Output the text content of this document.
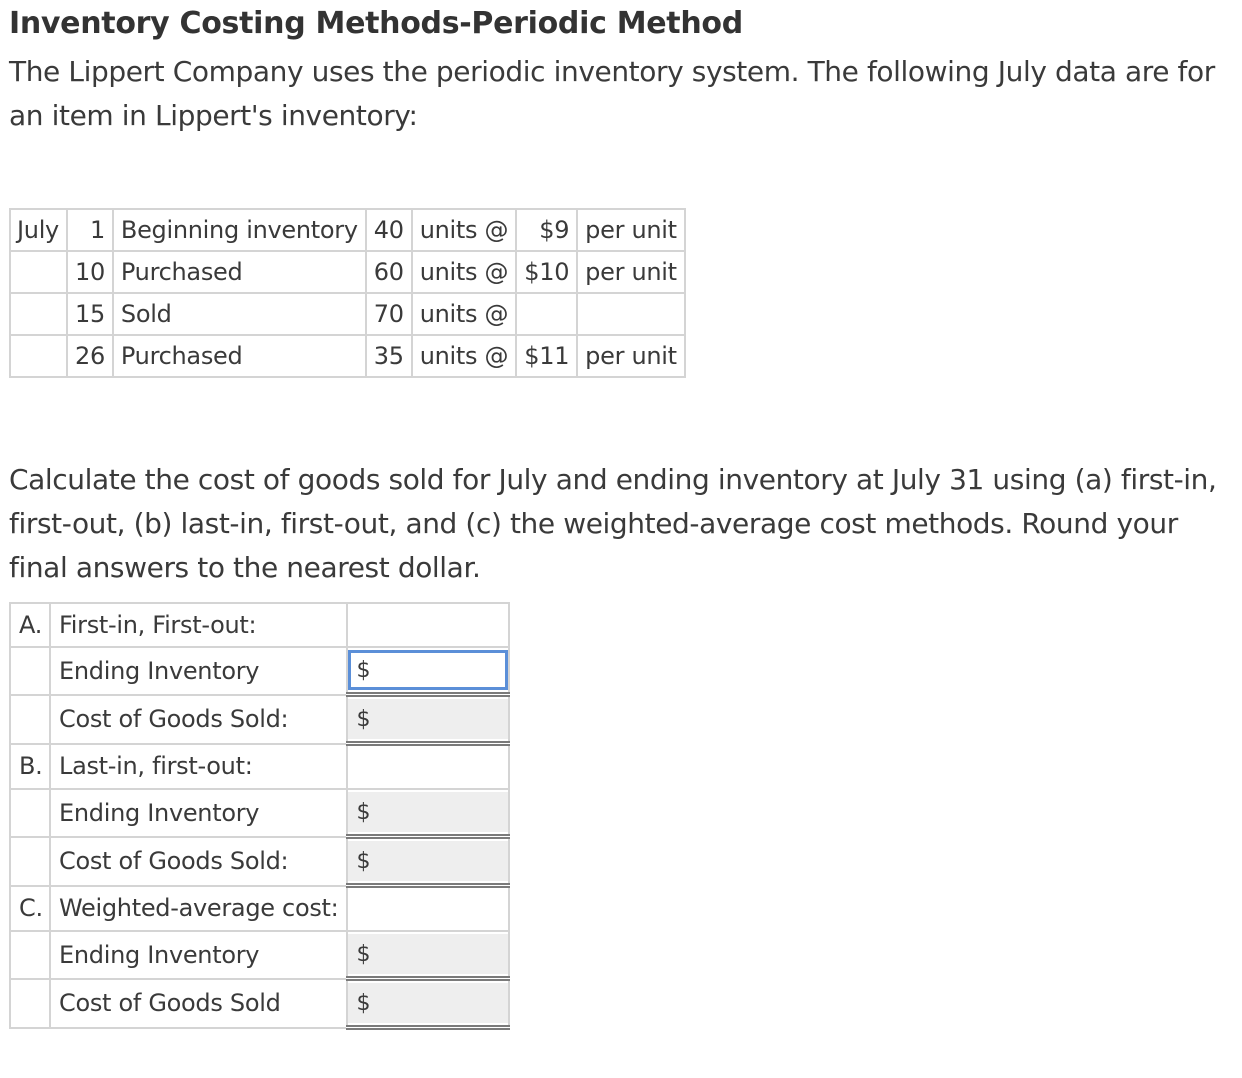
Inventory Costing Methods-Periodic Method
The Lippert Company uses the periodic inventory system. The following July data are for an item in Lippert's inventory:
July	1	Beginning inventory	40	units @	$9	per unit
	10	Purchased	60	units @	$10	per unit
	15	Sold	70	units @		
	26	Purchased	35	units @	$11	per unit
Calculate the cost of goods sold for July and ending inventory at July 31 using (a) first-in, first-out, (b) last-in, first-out, and (c) the weighted-average cost methods. Round your final answers to the nearest dollar.
A.	First-in, First-out:	
	Ending Inventory	$

	Cost of Goods Sold:	$

B.	Last-in, first-out:	
	Ending Inventory	$

	Cost of Goods Sold:	$

C.	Weighted-average cost:	
	Ending Inventory	$

	Cost of Goods Sold	$
